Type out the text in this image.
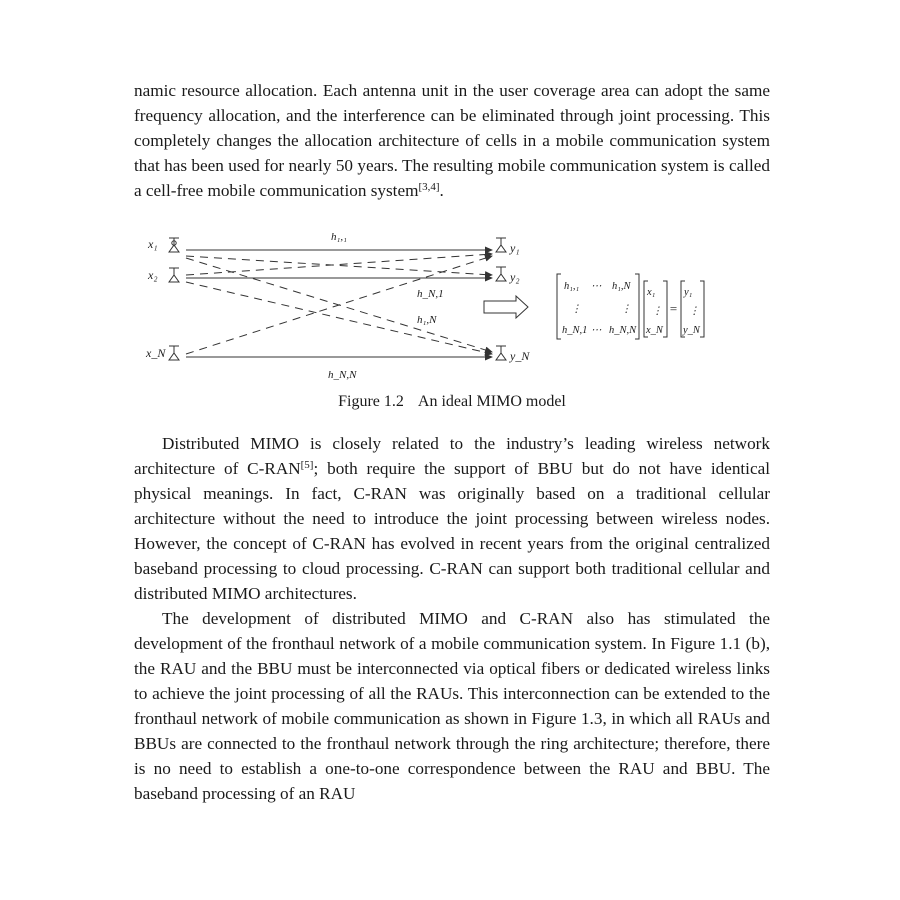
namic resource allocation. Each antenna unit in the user coverage area can adopt the same frequency allocation, and the interference can be eliminated through joint processing. This completely changes the allocation architecture of cells in a mobile communication system that has been used for nearly 50 years. The resulting mobile communication system is called a cell-free mobile communication system[3,4].

x₁
x₂
x_N
y₁
y₂
y_N
h₁,₁
h_N,1
h₁,N
h_N,N
h₁,₁ ⋯ h₁,N
⋮	⋮
h_N,1 ⋯ h_N,N
x₁
⋮
x_N
=
y₁
⋮
y_N
Figure 1.2 An ideal MIMO model

Distributed MIMO is closely related to the industry’s leading wireless network architecture of C-RAN[5]; both require the support of BBU but do not have identical physical meanings. In fact, C-RAN was originally based on a traditional cellular architecture without the need to introduce the joint processing between wireless nodes. However, the concept of C-RAN has evolved in recent years from the original centralized baseband processing to cloud processing. C-RAN can support both traditional cellular and distributed MIMO architectures.

The development of distributed MIMO and C-RAN also has stimulated the development of the fronthaul network of a mobile communication system. In Figure 1.1 (b), the RAU and the BBU must be interconnected via optical fibers or dedicated wireless links to achieve the joint processing of all the RAUs. This interconnection can be extended to the fronthaul network of mobile communication as shown in Figure 1.3, in which all RAUs and BBUs are connected to the fronthaul network through the ring architecture; therefore, there is no need to establish a one-to-one correspondence between the RAU and BBU. The baseband processing of an RAU
